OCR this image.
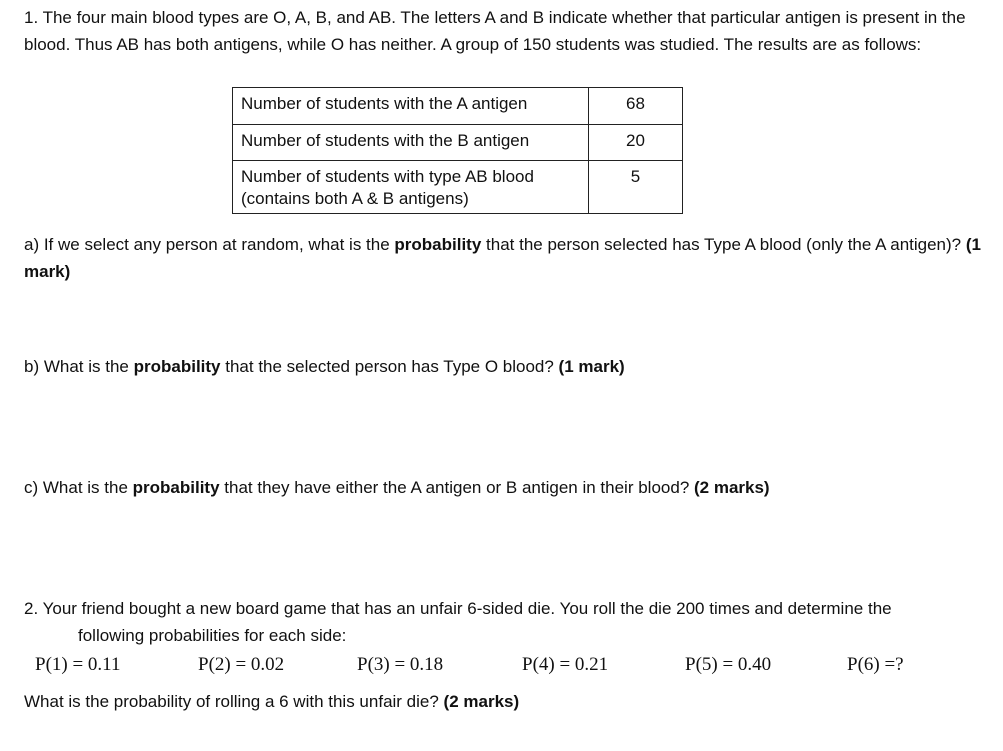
1. The four main blood types are O, A, B, and AB. The letters A and B indicate whether that particular antigen is present in the blood. Thus AB has both antigens, while O has neither. A group of 150 students was studied. The results are as follows:
Number of students with the A antigen	68
Number of students with the B antigen	20
Number of students with type AB blood
(contains both A & B antigens)	5
a) If we select any person at random, what is the probability that the person selected has Type A blood (only the A antigen)? (1 mark)
b) What is the probability that the selected person has Type O blood? (1 mark)
c) What is the probability that they have either the A antigen or B antigen in their blood? (2 marks)
2. Your friend bought a new board game that has an unfair 6-sided die. You roll the die 200 times and determine the
following probabilities for each side:
P(1) = 0.11	P(2) = 0.02	P(3) = 0.18	P(4) = 0.21	P(5) = 0.40	P(6) =?
What is the probability of rolling a 6 with this unfair die? (2 marks)
